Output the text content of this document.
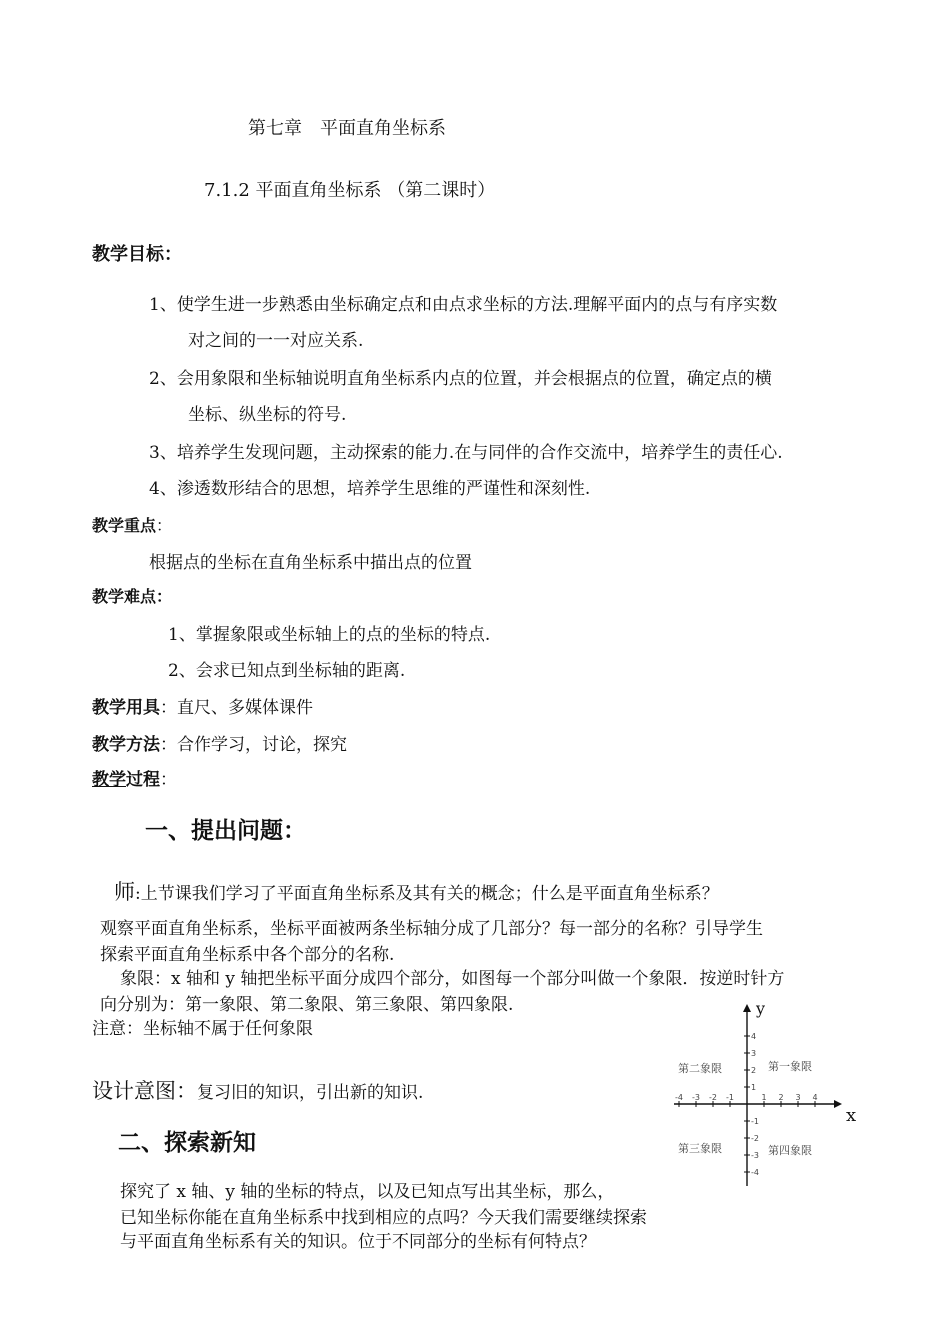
第七章　平面直角坐标系
7.1.2 平面直角坐标系 （第二课时）
教学目标：
1、使学生进一步熟悉由坐标确定点和由点求坐标的方法.理解平面内的点与有序实数
对之间的一一对应关系.
2、会用象限和坐标轴说明直角坐标系内点的位置，并会根据点的位置，确定点的横
坐标、纵坐标的符号.
3、培养学生发现问题，主动探索的能力.在与同伴的合作交流中，培养学生的责任心.
4、渗透数形结合的思想，培养学生思维的严谨性和深刻性.
教学重点：
根据点的坐标在直角坐标系中描出点的位置
教学难点：
1、掌握象限或坐标轴上的点的坐标的特点.
2、会求已知点到坐标轴的距离.
教学用具：直尺、多媒体课件
教学方法：合作学习，讨论，探究
教学过程：
一、提出问题：
师:上节课我们学习了平面直角坐标系及其有关的概念；什么是平面直角坐标系？
观察平面直角坐标系，坐标平面被两条坐标轴分成了几部分？每一部分的名称？引导学生
探索平面直角坐标系中各个部分的名称.
象限：x 轴和 y 轴把坐标平面分成四个部分，如图每一个部分叫做一个象限．按逆时针方
向分别为：第一象限、第二象限、第三象限、第四象限.
注意：坐标轴不属于任何象限
设计意图：复习旧的知识，引出新的知识.
二、探索新知
探究了 x 轴、y 轴的坐标的特点，以及已知点写出其坐标，那么，
已知坐标你能在直角坐标系中找到相应的点吗？今天我们需要继续探索
与平面直角坐标系有关的知识。位于不同部分的坐标有何特点？
-4 -3 -2 -1	1 2 3 4
4
3
2
1
-1
-2
-3
-4
y
x
第二象限	第一象限
第三象限	第四象限
